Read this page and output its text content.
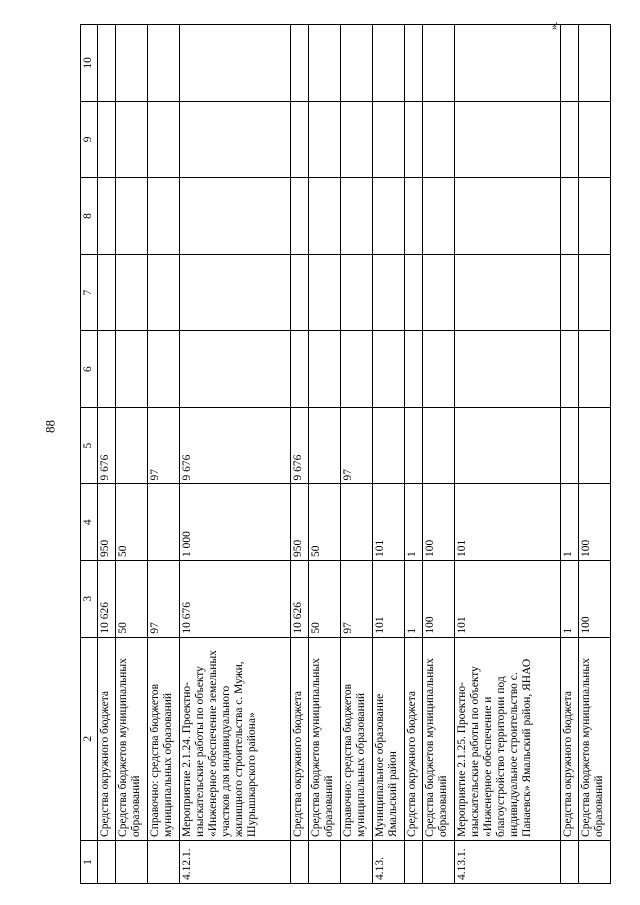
88
1	2	3	4	5	6	7	8	9	10
	Средства окружного бюджета	10 626	950	9 676					
	Средства бюджетов муниципальных образований	50	50						
	Справочно: средства бюджетов муниципальных образований	97		97					
4.12.1.	Мероприятие 2.1.24. Проектно-изыскательские работы по объекту «Инженерное обеспечение земельных участков для индивидуального жилищного строительства с. Мужи, Шурышкарского района»	10 676	1 000	9 676					
	Средства окружного бюджета	10 626	950	9 676					
	Средства бюджетов муниципальных образований	50	50						
	Справочно: средства бюджетов муниципальных образований	97		97					
4.13.	Муниципальное образование Ямальский район	101	101						
	Средства окружного бюджета	1	1						
	Средства бюджетов муниципальных образований	100	100						
4.13.1.	Мероприятие 2.1.25. Проектно-изыскательские работы по объекту «Инженерное обеспечение и благоустройство территории под индивидуальное строительство с. Панаевск» Ямальский район, ЯНАО	101	101						
	Средства окружного бюджета	1	1						
	Средства бюджетов муниципальных образований	100	100						
».
